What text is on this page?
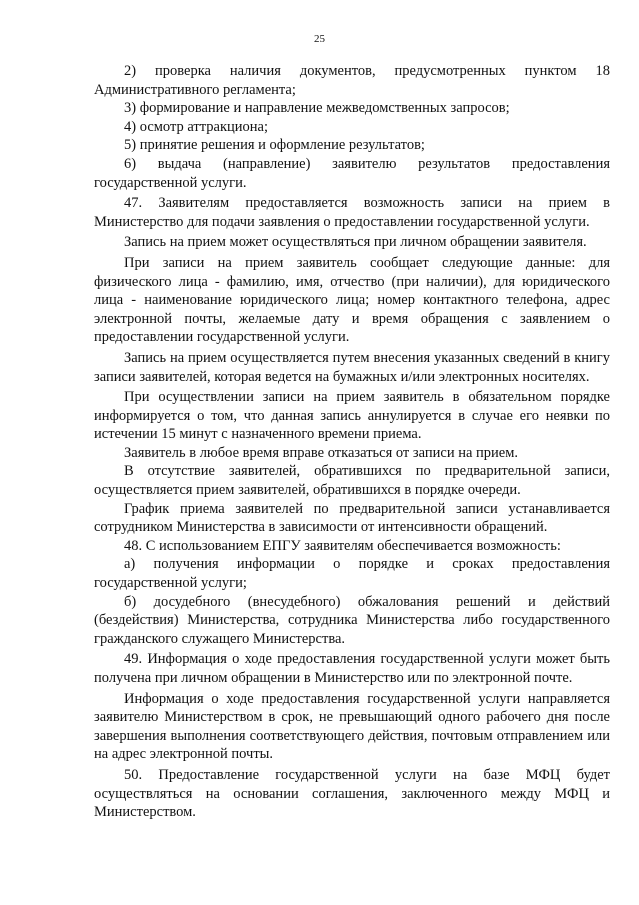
25

2) проверка наличия документов, предусмотренных пунктом 18 Административного регламента;

3) формирование и направление межведомственных запросов;

4) осмотр аттракциона;

5) принятие решения и оформление результатов;

6) выдача (направление) заявителю результатов предоставления государственной услуги.

47. Заявителям предоставляется возможность записи на прием в Министерство для подачи заявления о предоставлении государственной услуги.

Запись на прием может осуществляться при личном обращении заявителя.

При записи на прием заявитель сообщает следующие данные: для физического лица - фамилию, имя, отчество (при наличии), для юридического лица - наименование юридического лица; номер контактного телефона, адрес электронной почты, желаемые дату и время обращения с заявлением о предоставлении государственной услуги.

Запись на прием осуществляется путем внесения указанных сведений в книгу записи заявителей, которая ведется на бумажных и/или электронных носителях.

При осуществлении записи на прием заявитель в обязательном порядке информируется о том, что данная запись аннулируется в случае его неявки по истечении 15 минут с назначенного времени приема.

Заявитель в любое время вправе отказаться от записи на прием.

В отсутствие заявителей, обратившихся по предварительной записи, осуществляется прием заявителей, обратившихся в порядке очереди.

График приема заявителей по предварительной записи устанавливается сотрудником Министерства в зависимости от интенсивности обращений.

48. С использованием ЕПГУ заявителям обеспечивается возможность:

а) получения информации о порядке и сроках предоставления государственной услуги;

б) досудебного (внесудебного) обжалования решений и действий (бездействия) Министерства, сотрудника Министерства либо государственного гражданского служащего Министерства.

49. Информация о ходе предоставления государственной услуги может быть получена при личном обращении в Министерство или по электронной почте.

Информация о ходе предоставления государственной услуги направляется заявителю Министерством в срок, не превышающий одного рабочего дня после завершения выполнения соответствующего действия, почтовым отправлением или на адрес электронной почты.

50. Предоставление государственной услуги на базе МФЦ будет осуществляться на основании соглашения, заключенного между МФЦ и Министерством.
